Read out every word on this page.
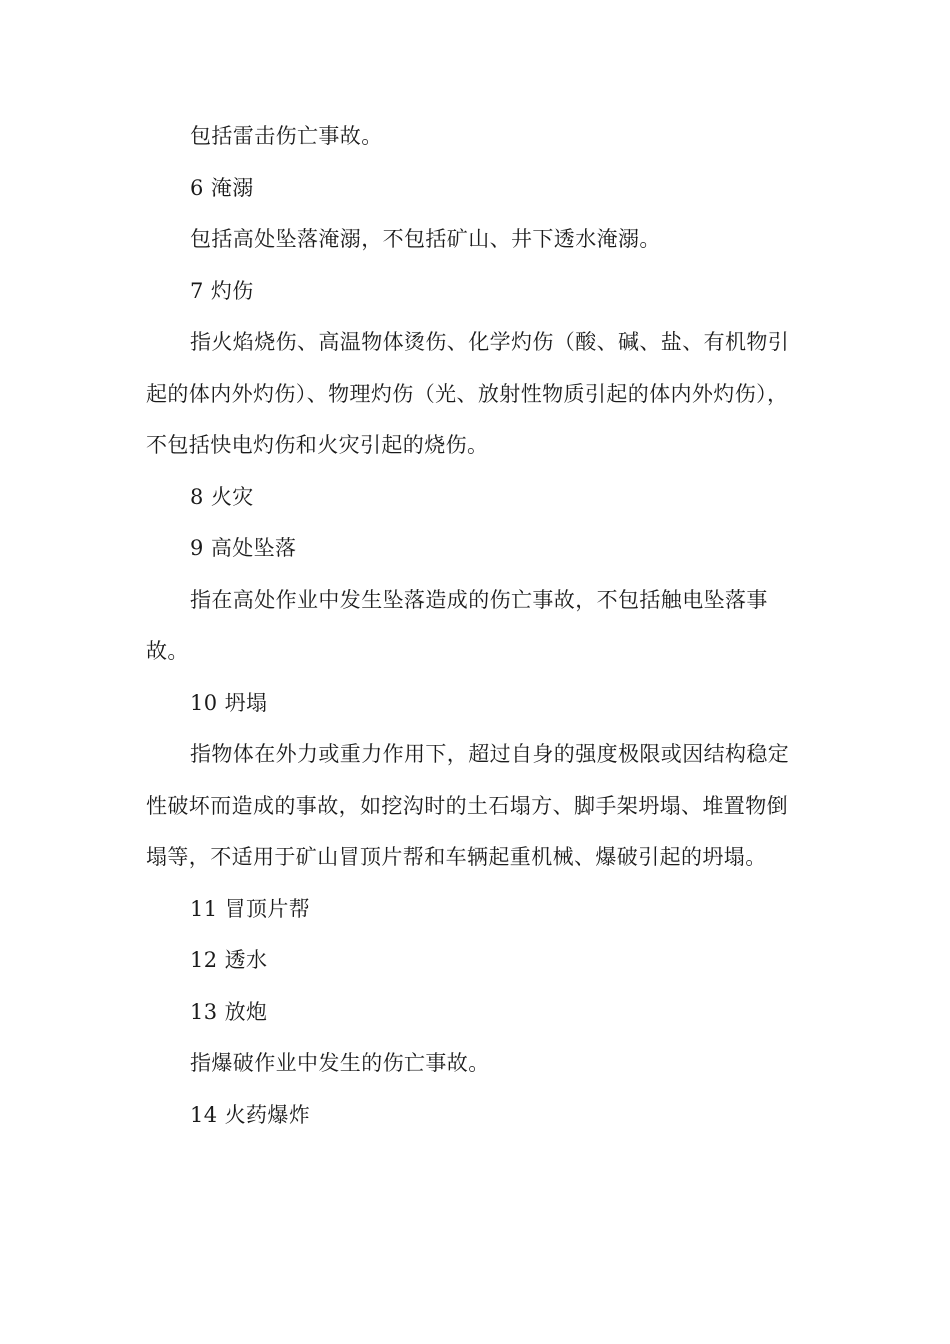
包括雷击伤亡事故。

6 淹溺

包括高处坠落淹溺，不包括矿山、井下透水淹溺。

7 灼伤

指火焰烧伤、高温物体烫伤、化学灼伤（酸、碱、盐、有机物引起的体内外灼伤）、物理灼伤（光、放射性物质引起的体内外灼伤），不包括快电灼伤和火灾引起的烧伤。

8 火灾

9 高处坠落

指在高处作业中发生坠落造成的伤亡事故，不包括触电坠落事故。

10 坍塌

指物体在外力或重力作用下，超过自身的强度极限或因结构稳定性破坏而造成的事故，如挖沟时的土石塌方、脚手架坍塌、堆置物倒塌等，不适用于矿山冒顶片帮和车辆起重机械、爆破引起的坍塌。

11 冒顶片帮

12 透水

13 放炮

指爆破作业中发生的伤亡事故。

14 火药爆炸
